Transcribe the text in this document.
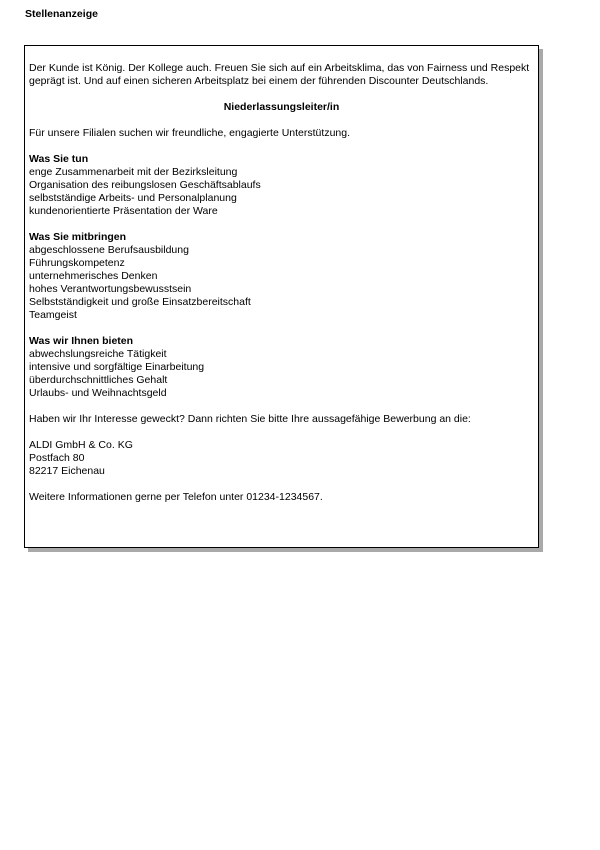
Stellenanzeige

Der Kunde ist König. Der Kollege auch. Freuen Sie sich auf ein Arbeitsklima, das von Fairness und Respekt geprägt ist. Und auf einen sicheren Arbeitsplatz bei einem der führenden Discounter Deutschlands.

Niederlassungsleiter/in

Für unsere Filialen suchen wir freundliche, engagierte Unterstützung.

Was Sie tun

enge Zusammenarbeit mit der Bezirksleitung
Organisation des reibungslosen Geschäftsablaufs
selbstständige Arbeits- und Personalplanung
kundenorientierte Präsentation der Ware

Was Sie mitbringen

abgeschlossene Berufsausbildung
Führungskompetenz
unternehmerisches Denken
hohes Verantwortungsbewusstsein
Selbstständigkeit und große Einsatzbereitschaft
Teamgeist

Was wir Ihnen bieten

abwechslungsreiche Tätigkeit
intensive und sorgfältige Einarbeitung
überdurchschnittliches Gehalt
Urlaubs- und Weihnachtsgeld

Haben wir Ihr Interesse geweckt? Dann richten Sie bitte Ihre aussagefähige Bewerbung an die:

ALDI GmbH & Co. KG
Postfach 80
82217 Eichenau

Weitere Informationen gerne per Telefon unter 01234-1234567.
